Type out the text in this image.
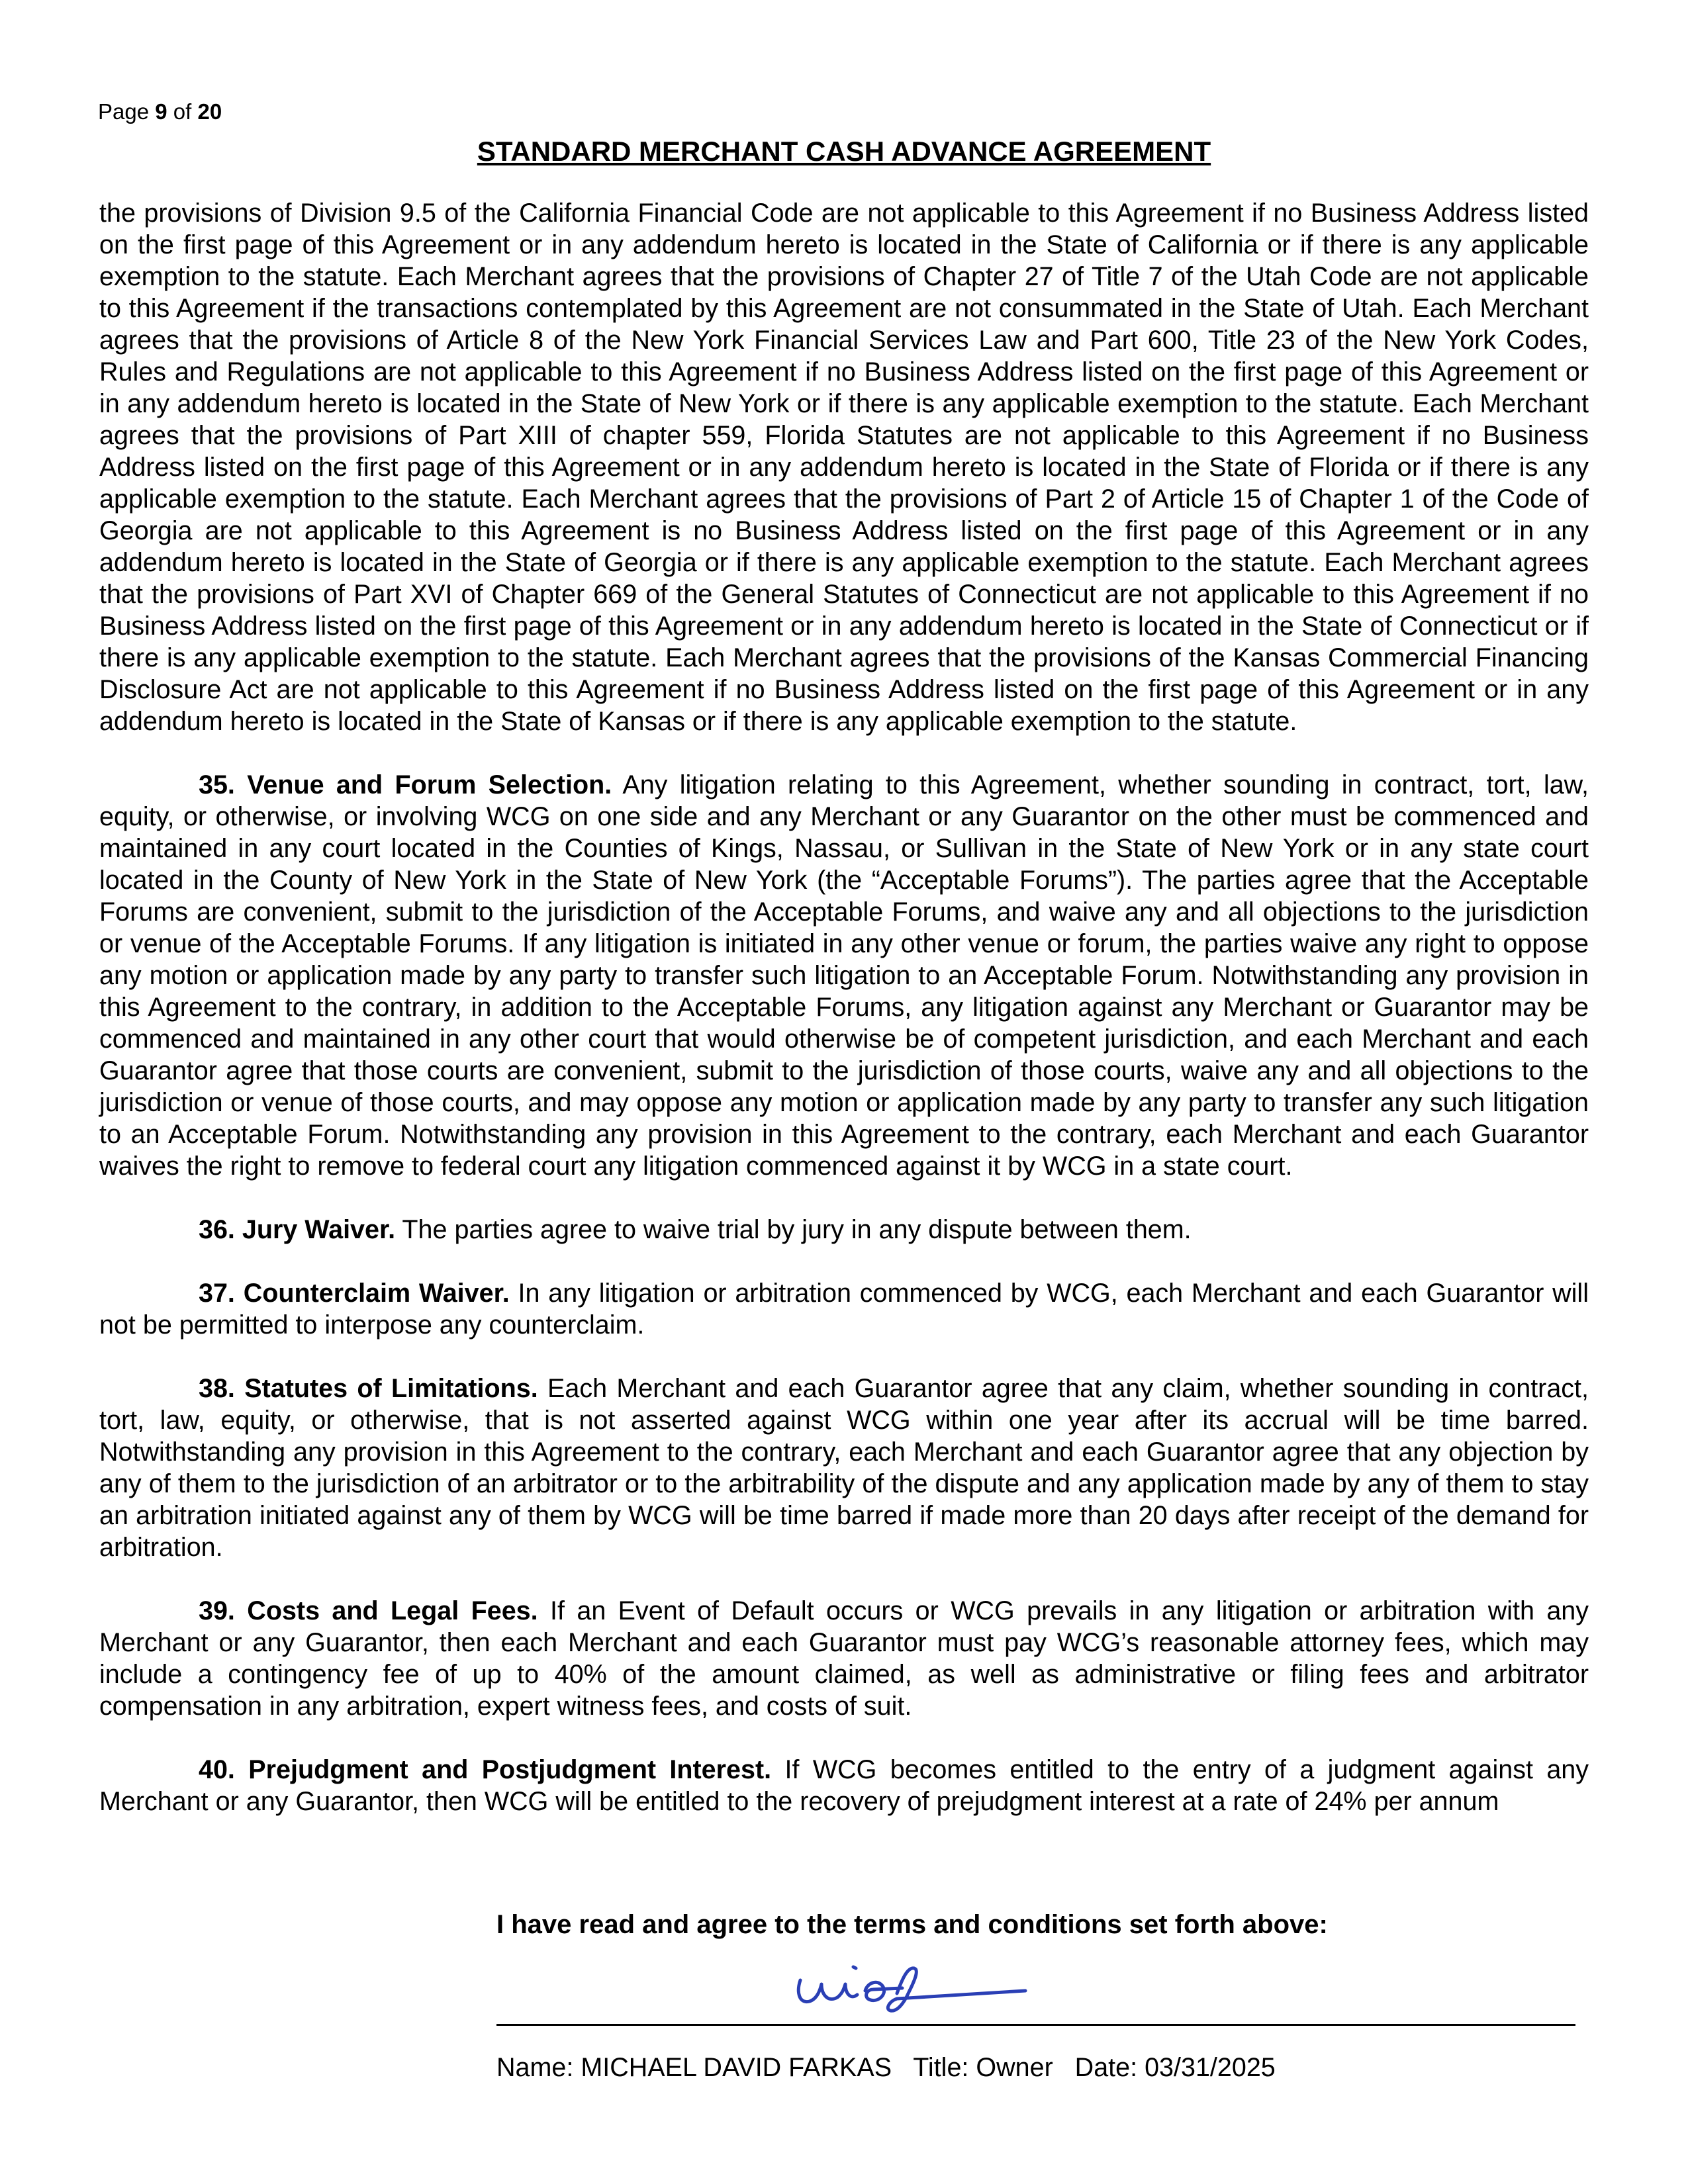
Page 9 of 20
STANDARD MERCHANT CASH ADVANCE AGREEMENT

the provisions of Division 9.5 of the California Financial Code are not applicable to this Agreement if no Business Address listed on the first page of this Agreement or in any addendum hereto is located in the State of California or if there is any applicable exemption to the statute. Each Merchant agrees that the provisions of Chapter 27 of Title 7 of the Utah Code are not applicable to this Agreement if the transactions contemplated by this Agreement are not consummated in the State of Utah. Each Merchant agrees that the provisions of Article 8 of the New York Financial Services Law and Part 600, Title 23 of the New York Codes, Rules and Regulations are not applicable to this Agreement if no Business Address listed on the first page of this Agreement or in any addendum hereto is located in the State of New York or if there is any applicable exemption to the statute. Each Merchant agrees that the provisions of Part XIII of chapter 559, Florida Statutes are not applicable to this Agreement if no Business Address listed on the first page of this Agreement or in any addendum hereto is located in the State of Florida or if there is any applicable exemption to the statute. Each Merchant agrees that the provisions of Part 2 of Article 15 of Chapter 1 of the Code of Georgia are not applicable to this Agreement is no Business Address listed on the first page of this Agreement or in any addendum hereto is located in the State of Georgia or if there is any applicable exemption to the statute. Each Merchant agrees that the provisions of Part XVI of Chapter 669 of the General Statutes of Connecticut are not applicable to this Agreement if no Business Address listed on the first page of this Agreement or in any addendum hereto is located in the State of Connecticut or if there is any applicable exemption to the statute. Each Merchant agrees that the provisions of the Kansas Commercial Financing Disclosure Act are not applicable to this Agreement if no Business Address listed on the first page of this Agreement or in any addendum hereto is located in the State of Kansas or if there is any applicable exemption to the statute.

35. Venue and Forum Selection. Any litigation relating to this Agreement, whether sounding in contract, tort, law, equity, or otherwise, or involving WCG on one side and any Merchant or any Guarantor on the other must be commenced and maintained in any court located in the Counties of Kings, Nassau, or Sullivan in the State of New York or in any state court located in the County of New York in the State of New York (the “Acceptable Forums”). The parties agree that the Acceptable Forums are convenient, submit to the jurisdiction of the Acceptable Forums, and waive any and all objections to the jurisdiction or venue of the Acceptable Forums. If any litigation is initiated in any other venue or forum, the parties waive any right to oppose any motion or application made by any party to transfer such litigation to an Acceptable Forum. Notwithstanding any provision in this Agreement to the contrary, in addition to the Acceptable Forums, any litigation against any Merchant or Guarantor may be commenced and maintained in any other court that would otherwise be of competent jurisdiction, and each Merchant and each Guarantor agree that those courts are convenient, submit to the jurisdiction of those courts, waive any and all objections to the jurisdiction or venue of those courts, and may oppose any motion or application made by any party to transfer any such litigation to an Acceptable Forum. Notwithstanding any provision in this Agreement to the contrary, each Merchant and each Guarantor waives the right to remove to federal court any litigation commenced against it by WCG in a state court.

36. Jury Waiver. The parties agree to waive trial by jury in any dispute between them.

37. Counterclaim Waiver. In any litigation or arbitration commenced by WCG, each Merchant and each Guarantor will not be permitted to interpose any counterclaim.

38. Statutes of Limitations. Each Merchant and each Guarantor agree that any claim, whether sounding in contract, tort, law, equity, or otherwise, that is not asserted against WCG within one year after its accrual will be time barred. Notwithstanding any provision in this Agreement to the contrary, each Merchant and each Guarantor agree that any objection by any of them to the jurisdiction of an arbitrator or to the arbitrability of the dispute and any application made by any of them to stay an arbitration initiated against any of them by WCG will be time barred if made more than 20 days after receipt of the demand for arbitration.

39. Costs and Legal Fees. If an Event of Default occurs or WCG prevails in any litigation or arbitration with any Merchant or any Guarantor, then each Merchant and each Guarantor must pay WCG’s reasonable attorney fees, which may include a contingency fee of up to 40% of the amount claimed, as well as administrative or filing fees and arbitrator compensation in any arbitration, expert witness fees, and costs of suit.

40. Prejudgment and Postjudgment Interest. If WCG becomes entitled to the entry of a judgment against any Merchant or any Guarantor, then WCG will be entitled to the recovery of prejudgment interest at a rate of 24% per annum

I have read and agree to the terms and conditions set forth above:
Name: MICHAEL DAVID FARKAS Title: Owner Date: 03/31/2025
